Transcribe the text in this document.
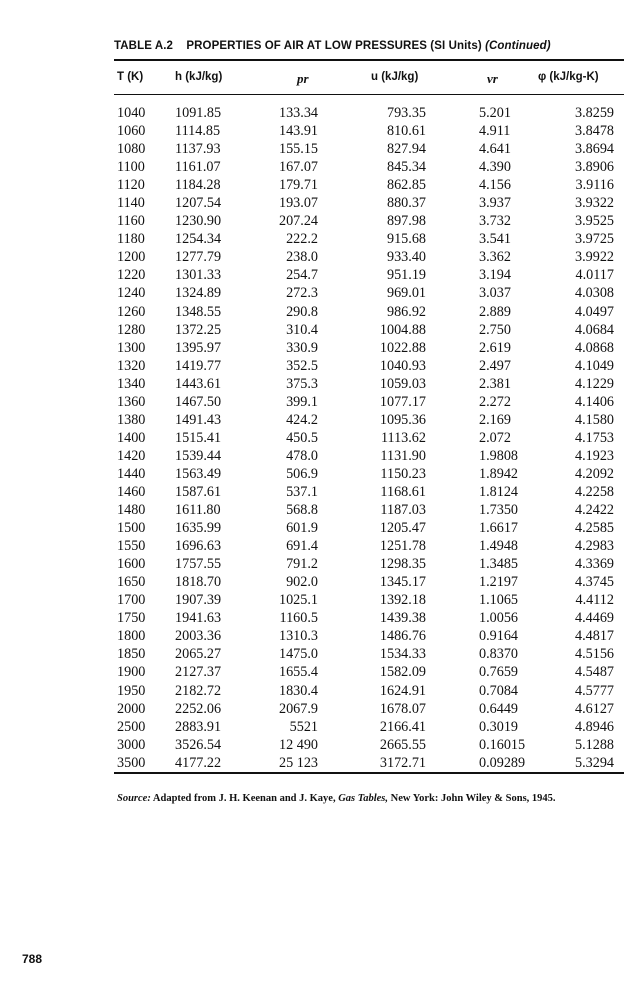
TABLE A.2 PROPERTIES OF AIR AT LOW PRESSURES (SI Units) (Continued)
T (K)	h (kJ/kg)	pr	u (kJ/kg)	vr	φ (kJ/kg-K)
1040 1091.85	133.34	793.35	5.201	3.8259
1060 1114.85	143.91	810.61	4.911	3.8478
1080 1137.93	155.15	827.94	4.641	3.8694
1100 1161.07	167.07	845.34	4.390	3.8906
1120 1184.28	179.71	862.85	4.156	3.9116
1140 1207.54	193.07	880.37	3.937	3.9322
1160 1230.90	207.24	897.98	3.732	3.9525
1180 1254.34	222.2	915.68	3.541	3.9725
1200 1277.79	238.0	933.40	3.362	3.9922
1220 1301.33	254.7	951.19	3.194	4.0117
1240 1324.89	272.3	969.01	3.037	4.0308
1260 1348.55	290.8	986.92	2.889	4.0497
1280 1372.25	310.4	1004.88	2.750	4.0684
1300 1395.97	330.9	1022.88	2.619	4.0868
1320 1419.77	352.5	1040.93	2.497	4.1049
1340 1443.61	375.3	1059.03	2.381	4.1229
1360 1467.50	399.1	1077.17	2.272	4.1406
1380 1491.43	424.2	1095.36	2.169	4.1580
1400 1515.41	450.5	1113.62	2.072	4.1753
1420 1539.44	478.0	1131.90	1.9808	4.1923
1440 1563.49	506.9	1150.23	1.8942	4.2092
1460 1587.61	537.1	1168.61	1.8124	4.2258
1480 1611.80	568.8	1187.03	1.7350	4.2422
1500 1635.99	601.9	1205.47	1.6617	4.2585
1550 1696.63	691.4	1251.78	1.4948	4.2983
1600 1757.55	791.2	1298.35	1.3485	4.3369
1650 1818.70	902.0	1345.17	1.2197	4.3745
1700 1907.39	1025.1	1392.18	1.1065	4.4112
1750 1941.63	1160.5	1439.38	1.0056	4.4469
1800 2003.36	1310.3	1486.76	0.9164	4.4817
1850 2065.27	1475.0	1534.33	0.8370	4.5156
1900 2127.37	1655.4	1582.09	0.7659	4.5487
1950 2182.72	1830.4	1624.91	0.7084	4.5777
2000 2252.06	2067.9	1678.07	0.6449	4.6127
2500 2883.91	5521	2166.41	0.3019	4.8946
3000 3526.54	12 490	2665.55	0.16015	5.1288
3500 4177.22	25 123	3172.71	0.09289	5.3294
Source: Adapted from J. H. Keenan and J. Kaye, Gas Tables, New York: John Wiley & Sons, 1945.
788
